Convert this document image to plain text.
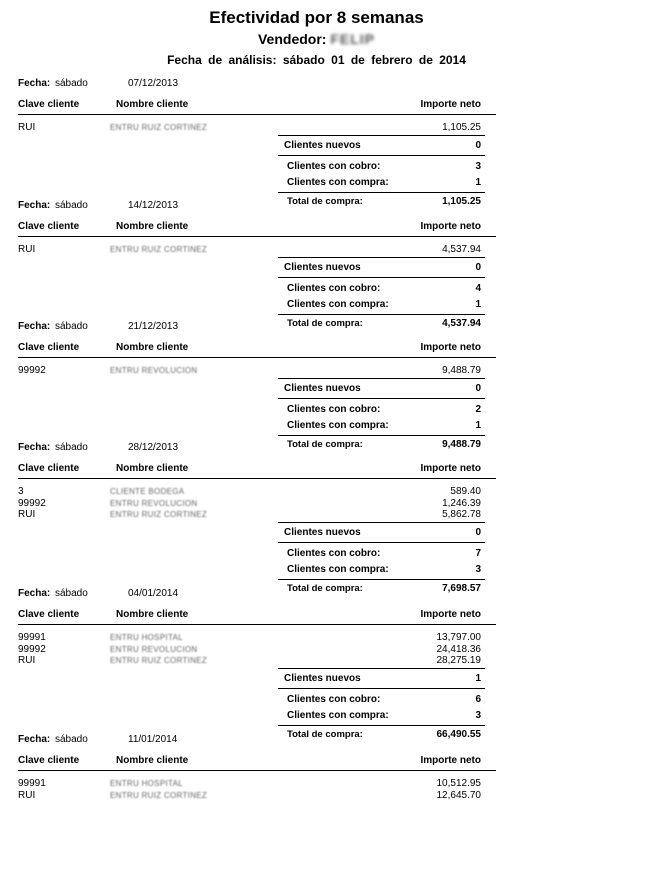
Efectividad por 8 semanas
Vendedor: FELIP
Fecha de análisis: sábado 01 de febrero de 2014
Fecha: sábado	07/12/2013
Clave cliente	Nombre cliente	Importe neto
RUI	ENTRU RUIZ CORTINEZ	1,105.25
Clientes nuevos	0
Clientes con cobro:	3
Clientes con compra:	1
Total de compra:	1,105.25
Fecha: sábado	14/12/2013
Clave cliente	Nombre cliente	Importe neto
RUI	ENTRU RUIZ CORTINEZ	4,537.94
Clientes nuevos	0
Clientes con cobro:	4
Clientes con compra:	1
Total de compra:	4,537.94
Fecha: sábado	21/12/2013
Clave cliente	Nombre cliente	Importe neto
99992	ENTRU REVOLUCION	9,488.79
Clientes nuevos	0
Clientes con cobro:	2
Clientes con compra:	1
Total de compra:	9,488.79
Fecha: sábado	28/12/2013
Clave cliente	Nombre cliente	Importe neto
3	CLIENTE BODEGA	589.40
99992	ENTRU REVOLUCION	1,246.39
RUI	ENTRU RUIZ CORTINEZ	5,862.78
Clientes nuevos	0
Clientes con cobro:	7
Clientes con compra:	3
Total de compra:	7,698.57
Fecha: sábado	04/01/2014
Clave cliente	Nombre cliente	Importe neto
99991	ENTRU HOSPITAL	13,797.00
99992	ENTRU REVOLUCION	24,418.36
RUI	ENTRU RUIZ CORTINEZ	28,275.19
Clientes nuevos	1
Clientes con cobro:	6
Clientes con compra:	3
Total de compra:	66,490.55
Fecha: sábado	11/01/2014
Clave cliente	Nombre cliente	Importe neto
99991	ENTRU HOSPITAL	10,512.95
RUI	ENTRU RUIZ CORTINEZ	12,645.70
